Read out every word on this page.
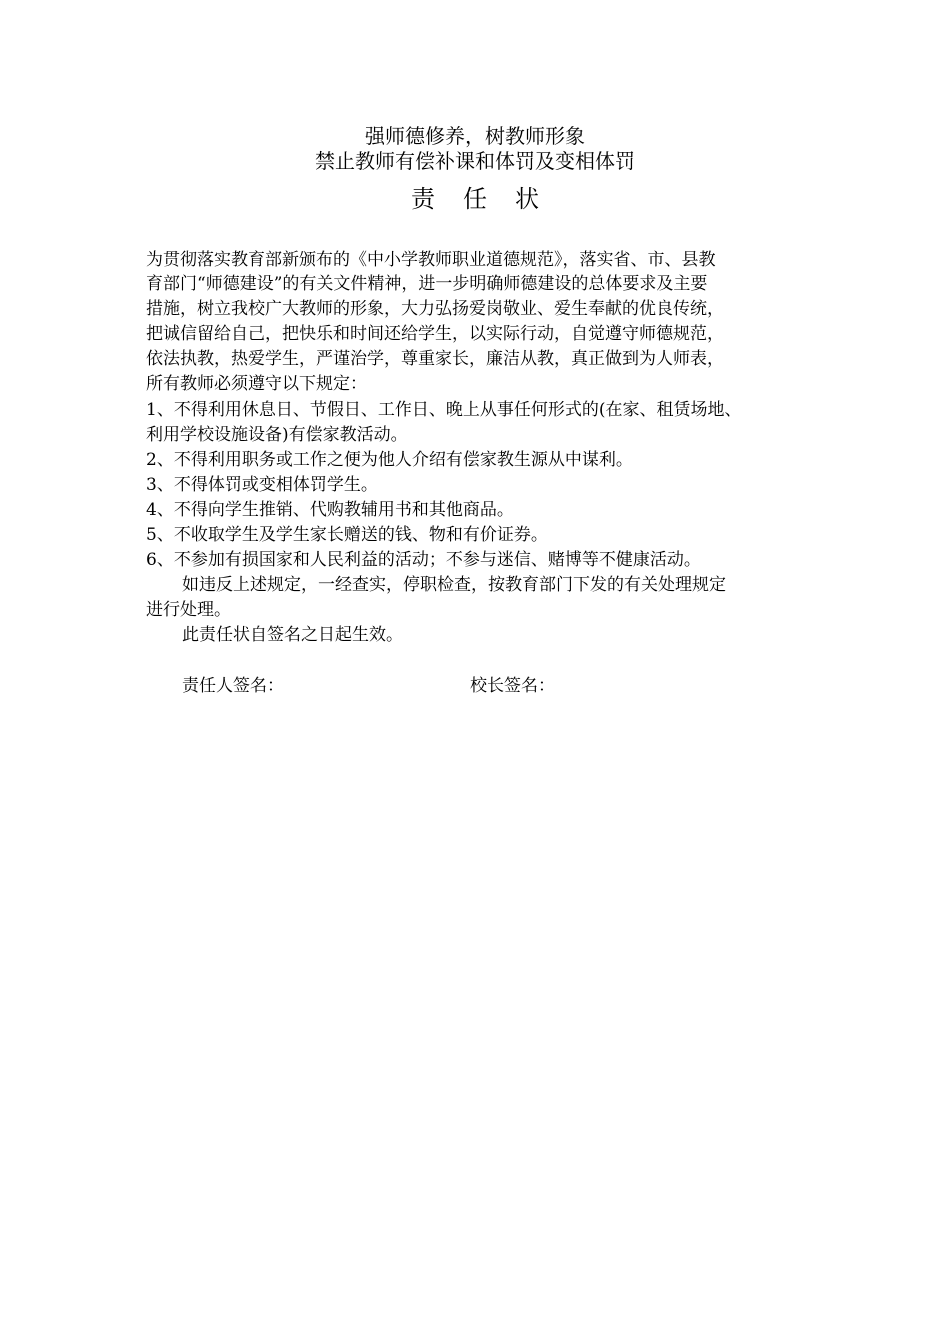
强师德修养，树教师形象
禁止教师有偿补课和体罚及变相体罚
责任状
为贯彻落实教育部新颁布的《中小学教师职业道德规范》，落实省、市、县教
育部门“师德建设”的有关文件精神，进一步明确师德建设的总体要求及主要
措施，树立我校广大教师的形象，大力弘扬爱岗敬业、爱生奉献的优良传统，
把诚信留给自己，把快乐和时间还给学生，以实际行动，自觉遵守师德规范，
依法执教，热爱学生，严谨治学，尊重家长，廉洁从教，真正做到为人师表，
所有教师必须遵守以下规定：
1、不得利用休息日、节假日、工作日、晚上从事任何形式的(在家、租赁场地、
利用学校设施设备)有偿家教活动。
2、不得利用职务或工作之便为他人介绍有偿家教生源从中谋利。
3、不得体罚或变相体罚学生。
4、不得向学生推销、代购教辅用书和其他商品。
5、不收取学生及学生家长赠送的钱、物和有价证券。
6、不参加有损国家和人民利益的活动；不参与迷信、赌博等不健康活动。
如违反上述规定，一经查实，停职检查，按教育部门下发的有关处理规定
进行处理。
此责任状自签名之日起生效。
责任人签名：	校长签名：
